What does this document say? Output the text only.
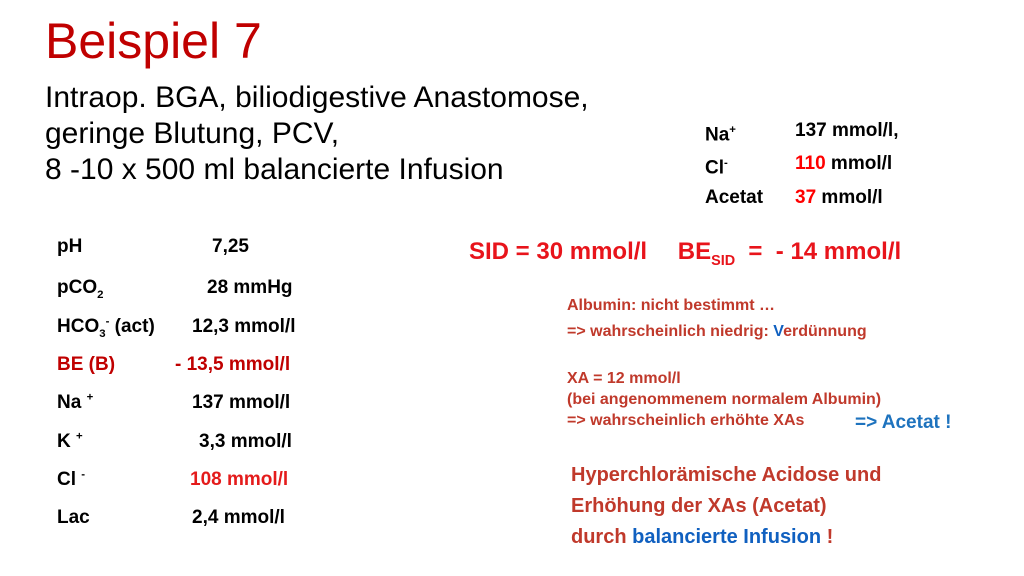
Beispiel 7
Intraop. BGA, biliodigestive Anastomose,
geringe Blutung, PCV,
8 -10 x 500 ml balancierte Infusion
Na+	137 mmol/l,
Cl-	110 mmol/l
Acetat	37 mmol/l
pH	7,25
pCO$_2$	28 mmHg
$HCO_3^-$ (act) 12,3 mmol/l
BE (B)	- 13,5 mmol/l
Na +	137 mmol/l
K +	3,3 mmol/l
Cl -	108 mmol/l
Lac	2,4 mmol/l
SID = 30 mmol/l $BE_{SID}$  =  - 14 mmol/l
Albumin: nicht bestimmt …
=> wahrscheinlich niedrig: Verdünnung
XA = 12 mmol/l
(bei angenommenem normalem Albumin)
=> wahrscheinlich erhöhte XAs	=> Acetat !
Hyperchlorämische Acidose und
Erhöhung der XAs (Acetat)
durch balancierte Infusion !
